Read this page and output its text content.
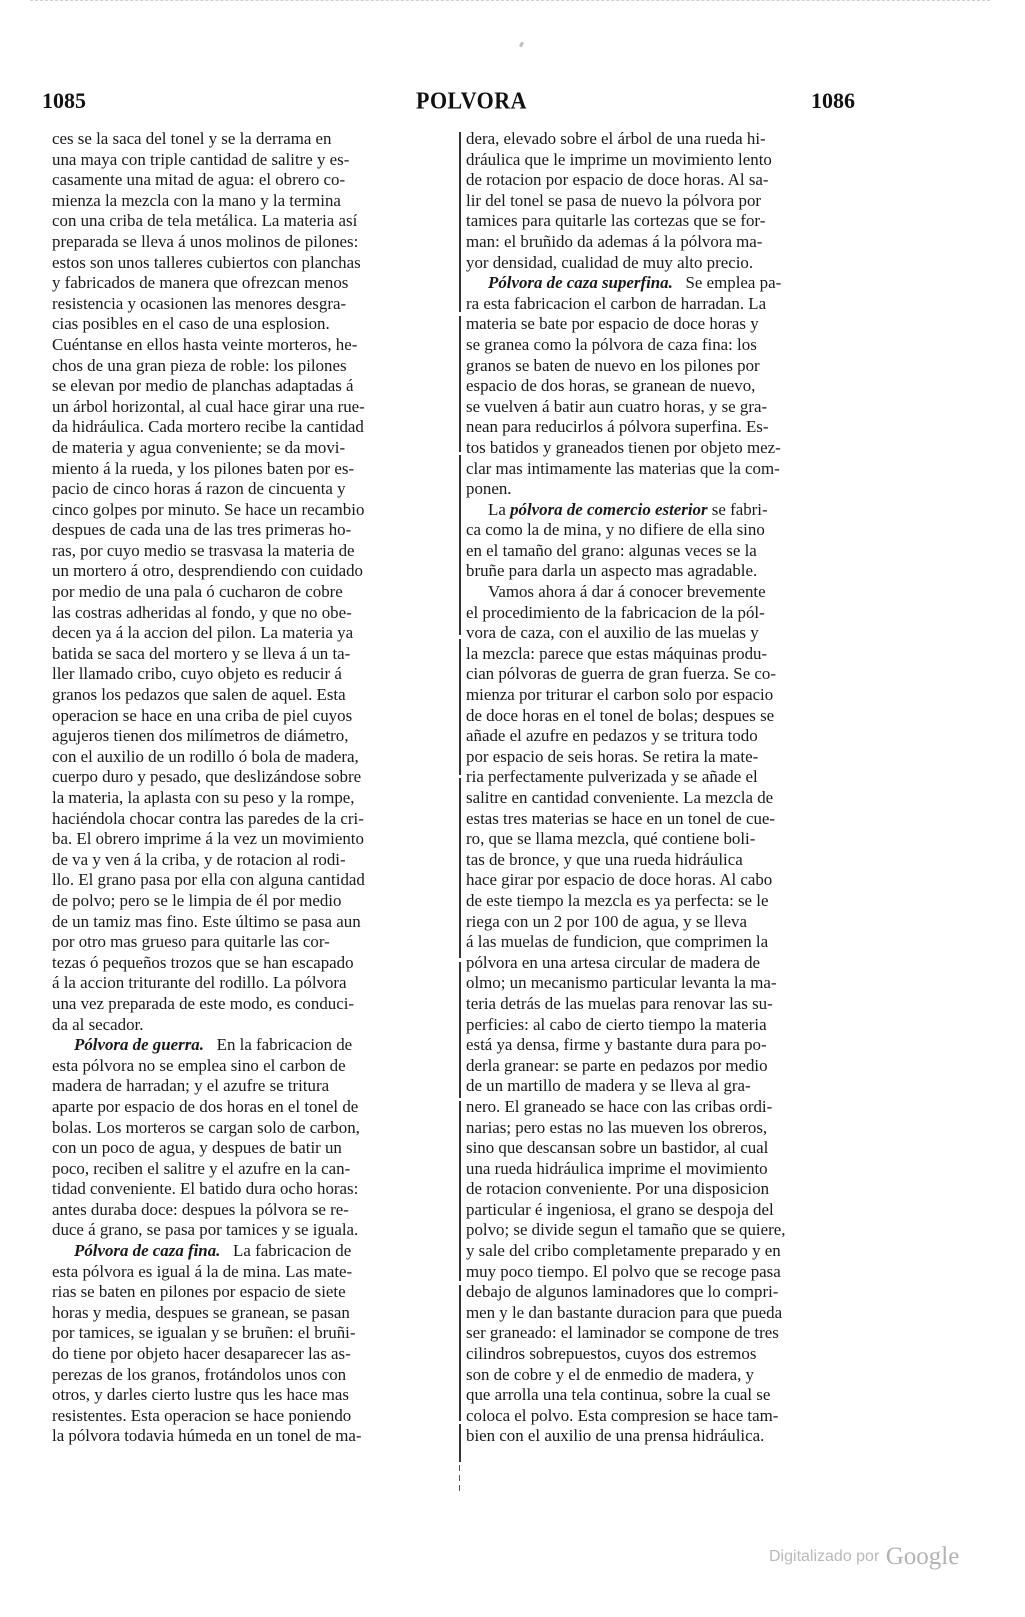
1085	POLVORA	1086
ces se la saca del tonel y se la derrama en
una maya con triple cantidad de salitre y es-
casamente una mitad de agua: el obrero co-
mienza la mezcla con la mano y la termina
con una criba de tela metálica. La materia así
preparada se lleva á unos molinos de pilones:
estos son unos talleres cubiertos con planchas
y fabricados de manera que ofrezcan menos
resistencia y ocasionen las menores desgra-
cias posibles en el caso de una esplosion.
Cuéntanse en ellos hasta veinte morteros, he-
chos de una gran pieza de roble: los pilones
se elevan por medio de planchas adaptadas á
un árbol horizontal, al cual hace girar una rue-
da hidráulica. Cada mortero recibe la cantidad
de materia y agua conveniente; se da movi-
miento á la rueda, y los pilones baten por es-
pacio de cinco horas á razon de cincuenta y
cinco golpes por minuto. Se hace un recambio
despues de cada una de las tres primeras ho-
ras, por cuyo medio se trasvasa la materia de
un mortero á otro, desprendiendo con cuidado
por medio de una pala ó cucharon de cobre
las costras adheridas al fondo, y que no obe-
decen ya á la accion del pilon. La materia ya
batida se saca del mortero y se lleva á un ta-
ller llamado cribo, cuyo objeto es reducir á
granos los pedazos que salen de aquel. Esta
operacion se hace en una criba de piel cuyos
agujeros tienen dos milímetros de diámetro,
con el auxilio de un rodillo ó bola de madera,
cuerpo duro y pesado, que deslizándose sobre
la materia, la aplasta con su peso y la rompe,
haciéndola chocar contra las paredes de la cri-
ba. El obrero imprime á la vez un movimiento
de va y ven á la criba, y de rotacion al rodi-
llo. El grano pasa por ella con alguna cantidad
de polvo; pero se le limpia de él por medio
de un tamiz mas fino. Este último se pasa aun
por otro mas grueso para quitarle las cor-
tezas ó pequeños trozos que se han escapado
á la accion triturante del rodillo. La pólvora
una vez preparada de este modo, es conduci-
da al secador.
Pólvora de guerra. En la fabricacion de
esta pólvora no se emplea sino el carbon de
madera de harradan; y el azufre se tritura
aparte por espacio de dos horas en el tonel de
bolas. Los morteros se cargan solo de carbon,
con un poco de agua, y despues de batir un
poco, reciben el salitre y el azufre en la can-
tidad conveniente. El batido dura ocho horas:
antes duraba doce: despues la pólvora se re-
duce á grano, se pasa por tamices y se iguala.
Pólvora de caza fina. La fabricacion de
esta pólvora es igual á la de mina. Las mate-
rias se baten en pilones por espacio de siete
horas y media, despues se granean, se pasan
por tamices, se igualan y se bruñen: el bruñi-
do tiene por objeto hacer desaparecer las as-
perezas de los granos, frotándolos unos con
otros, y darles cierto lustre qus les hace mas
resistentes. Esta operacion se hace poniendo
la pólvora todavia húmeda en un tonel de ma-
dera, elevado sobre el árbol de una rueda hi-
dráulica que le imprime un movimiento lento
de rotacion por espacio de doce horas. Al sa-
lir del tonel se pasa de nuevo la pólvora por
tamices para quitarle las cortezas que se for-
man: el bruñido da ademas á la pólvora ma-
yor densidad, cualidad de muy alto precio.
Pólvora de caza superfina. Se emplea pa-
ra esta fabricacion el carbon de harradan. La
materia se bate por espacio de doce horas y
se granea como la pólvora de caza fina: los
granos se baten de nuevo en los pilones por
espacio de dos horas, se granean de nuevo,
se vuelven á batir aun cuatro horas, y se gra-
nean para reducirlos á pólvora superfina. Es-
tos batidos y graneados tienen por objeto mez-
clar mas intimamente las materias que la com-
ponen.
La pólvora de comercio esterior se fabri-
ca como la de mina, y no difiere de ella sino
en el tamaño del grano: algunas veces se la
bruñe para darla un aspecto mas agradable.
Vamos ahora á dar á conocer brevemente
el procedimiento de la fabricacion de la pól-
vora de caza, con el auxilio de las muelas y
la mezcla: parece que estas máquinas produ-
cian pólvoras de guerra de gran fuerza. Se co-
mienza por triturar el carbon solo por espacio
de doce horas en el tonel de bolas; despues se
añade el azufre en pedazos y se tritura todo
por espacio de seis horas. Se retira la mate-
ria perfectamente pulverizada y se añade el
salitre en cantidad conveniente. La mezcla de
estas tres materias se hace en un tonel de cue-
ro, que se llama mezcla, qué contiene boli-
tas de bronce, y que una rueda hidráulica
hace girar por espacio de doce horas. Al cabo
de este tiempo la mezcla es ya perfecta: se le
riega con un 2 por 100 de agua, y se lleva
á las muelas de fundicion, que comprimen la
pólvora en una artesa circular de madera de
olmo; un mecanismo particular levanta la ma-
teria detrás de las muelas para renovar las su-
perficies: al cabo de cierto tiempo la materia
está ya densa, firme y bastante dura para po-
derla granear: se parte en pedazos por medio
de un martillo de madera y se lleva al gra-
nero. El graneado se hace con las cribas ordi-
narias; pero estas no las mueven los obreros,
sino que descansan sobre un bastidor, al cual
una rueda hidráulica imprime el movimiento
de rotacion conveniente. Por una disposicion
particular é ingeniosa, el grano se despoja del
polvo; se divide segun el tamaño que se quiere,
y sale del cribo completamente preparado y en
muy poco tiempo. El polvo que se recoge pasa
debajo de algunos laminadores que lo compri-
men y le dan bastante duracion para que pueda
ser graneado: el laminador se compone de tres
cilindros sobrepuestos, cuyos dos estremos
son de cobre y el de enmedio de madera, y
que arrolla una tela continua, sobre la cual se
coloca el polvo. Esta compresion se hace tam-
bien con el auxilio de una prensa hidráulica.
Digitalizado por Google
